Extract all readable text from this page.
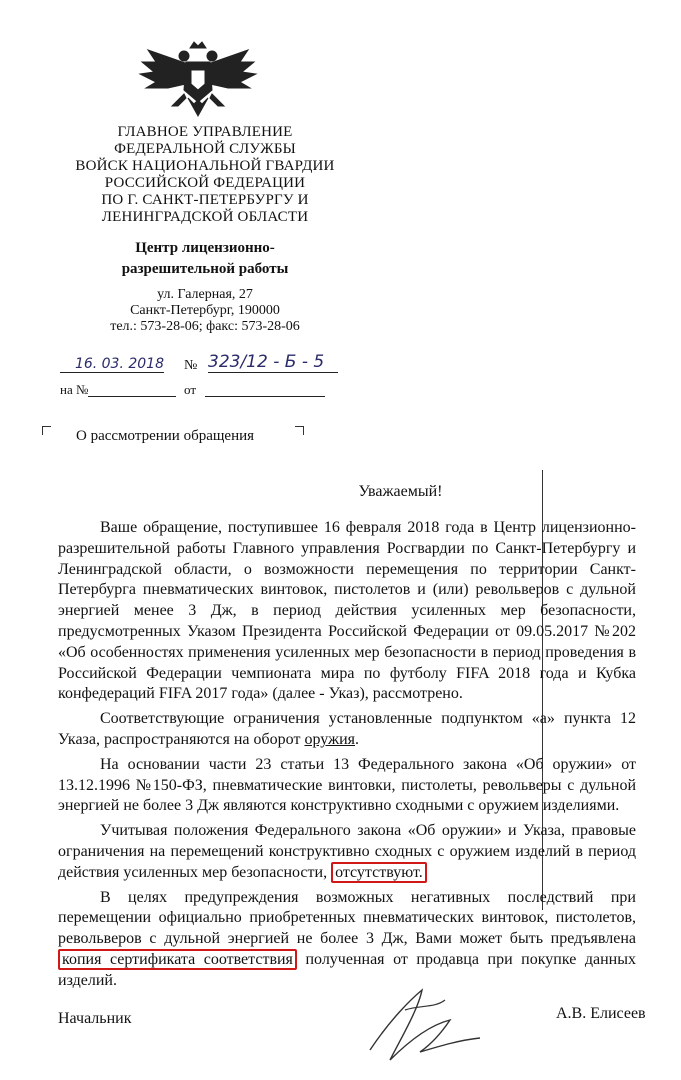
ГЛАВНОЕ УПРАВЛЕНИЕ
ФЕДЕРАЛЬНОЙ СЛУЖБЫ
ВОЙСК НАЦИОНАЛЬНОЙ ГВАРДИИ
РОССИЙСКОЙ ФЕДЕРАЦИИ
ПО Г. САНКТ-ПЕТЕРБУРГУ И
ЛЕНИНГРАДСКОЙ ОБЛАСТИ
Центр лицензионно-
разрешительной работы
ул. Галерная, 27
Санкт-Петербург, 190000
тел.: 573-28-06; факс: 573-28-06
16. 03. 2018 № 323/12 - Б - 5
на №	от
О рассмотрении обращения
Уважаемый!

Ваше обращение, поступившее 16 февраля 2018 года в Центр лицензионно-разрешительной работы Главного управления Росгвардии по Санкт-Петербургу и Ленинградской области, о возможности перемещения по территории Санкт-Петербурга пневматических винтовок, пистолетов и (или) револьверов с дульной энергией менее 3 Дж, в период действия усиленных мер безопасности, предусмотренных Указом Президента Российской Федерации от 09.05.2017 №202 «Об особенностях применения усиленных мер безопасности в период проведения в Российской Федерации чемпионата мира по футболу FIFA 2018 года и Кубка конфедераций FIFA 2017 года» (далее - Указ), рассмотрено.

Соответствующие ограничения установленные подпунктом «а» пункта 12 Указа, распространяются на оборот оружия.

На основании части 23 статьи 13 Федерального закона «Об оружии» от 13.12.1996 №150-ФЗ, пневматические винтовки, пистолеты, револьверы с дульной энергией не более 3 Дж являются конструктивно сходными с оружием изделиями.

Учитывая положения Федерального закона «Об оружии» и Указа, правовые ограничения на перемещений конструктивно сходных с оружием изделий в период действия усиленных мер безопасности, отсутствуют.

В целях предупреждения возможных негативных последствий при перемещении официально приобретенных пневматических винтовок, пистолетов, револьверов с дульной энергией не более 3 Дж, Вами может быть предъявлена копия сертификата соответствия полученная от продавца при покупке данных изделий.

Начальник	А.В. Елисеев
